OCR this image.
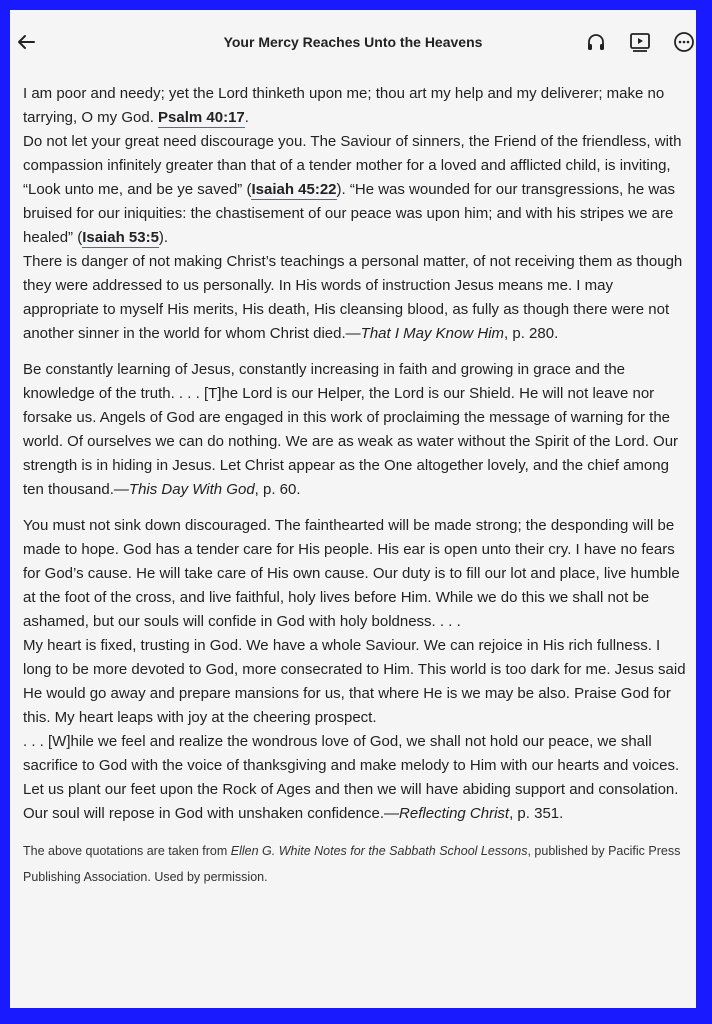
Your Mercy Reaches Unto the Heavens

I am poor and needy; yet the Lord thinketh upon me; thou art my help and my deliverer; make no tarrying, O my God. Psalm 40:17.

Do not let your great need discourage you. The Saviour of sinners, the Friend of the friendless, with compassion infinitely greater than that of a tender mother for a loved and afflicted child, is inviting, “Look unto me, and be ye saved” (Isaiah 45:22). “He was wounded for our transgressions, he was bruised for our iniquities: the chastisement of our peace was upon him; and with his stripes we are healed” (Isaiah 53:5).

There is danger of not making Christ’s teachings a personal matter, of not receiving them as though they were addressed to us personally. In His words of instruction Jesus means me. I may appropriate to myself His merits, His death, His cleansing blood, as fully as though there were not another sinner in the world for whom Christ died.—That I May Know Him, p. 280.

Be constantly learning of Jesus, constantly increasing in faith and growing in grace and the knowledge of the truth. . . . [T]he Lord is our Helper, the Lord is our Shield. He will not leave nor forsake us. Angels of God are engaged in this work of proclaiming the message of warning for the world. Of ourselves we can do nothing. We are as weak as water without the Spirit of the Lord. Our strength is in hiding in Jesus. Let Christ appear as the One altogether lovely, and the chief among ten thousand.—This Day With God, p. 60.

You must not sink down discouraged. The fainthearted will be made strong; the desponding will be made to hope. God has a tender care for His people. His ear is open unto their cry. I have no fears for God’s cause. He will take care of His own cause. Our duty is to fill our lot and place, live humble at the foot of the cross, and live faithful, holy lives before Him. While we do this we shall not be ashamed, but our souls will confide in God with holy boldness. . . .

My heart is fixed, trusting in God. We have a whole Saviour. We can rejoice in His rich fullness. I long to be more devoted to God, more consecrated to Him. This world is too dark for me. Jesus said He would go away and prepare mansions for us, that where He is we may be also. Praise God for this. My heart leaps with joy at the cheering prospect.

. . . [W]hile we feel and realize the wondrous love of God, we shall not hold our peace, we shall sacrifice to God with the voice of thanksgiving and make melody to Him with our hearts and voices. Let us plant our feet upon the Rock of Ages and then we will have abiding support and consolation. Our soul will repose in God with unshaken confidence.—Reflecting Christ, p. 351.

The above quotations are taken from Ellen G. White Notes for the Sabbath School Lessons, published by Pacific Press Publishing Association. Used by permission.
